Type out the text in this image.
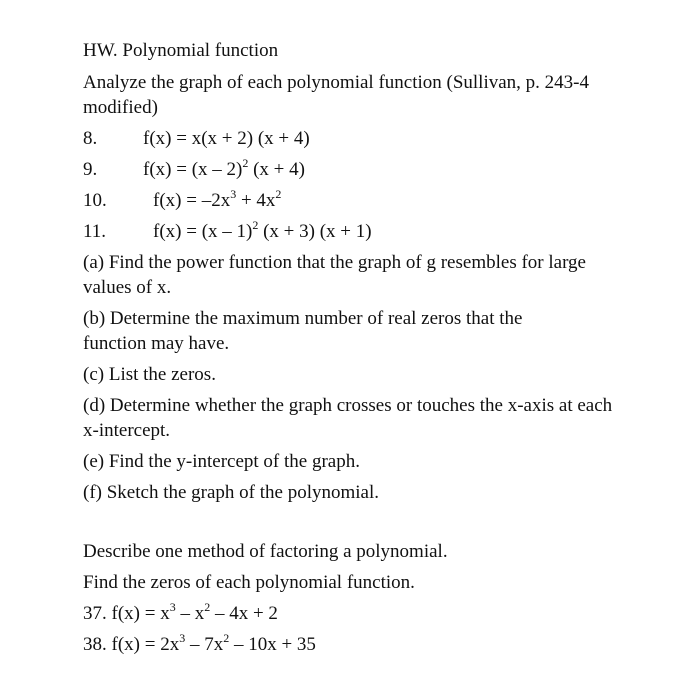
HW. Polynomial function
Analyze the graph of each polynomial function (Sullivan, p. 243-4 modified)
8.	f(x) = x(x + 2) (x + 4)
9.	f(x) = (x – 2)$^2$ (x + 4)
10.	$f(x) = -2x^3 + 4x^2$
11.	f(x) = (x – 1)$^2$ (x + 3) (x + 1)
(a) Find the power function that the graph of g resembles for large values of x.
(b) Determine the maximum number of real zeros that the function may have.
(c) List the zeros.
(d) Determine whether the graph crosses or touches the x-axis at each x-intercept.
(e) Find the y-intercept of the graph.
(f) Sketch the graph of the polynomial.
Describe one method of factoring a polynomial.
Find the zeros of each polynomial function.
37. $f(x) = x^3 - x^2 - 4x + 2$
38. $f(x) = 2x^3 - 7x^2 - 10x + 35$
